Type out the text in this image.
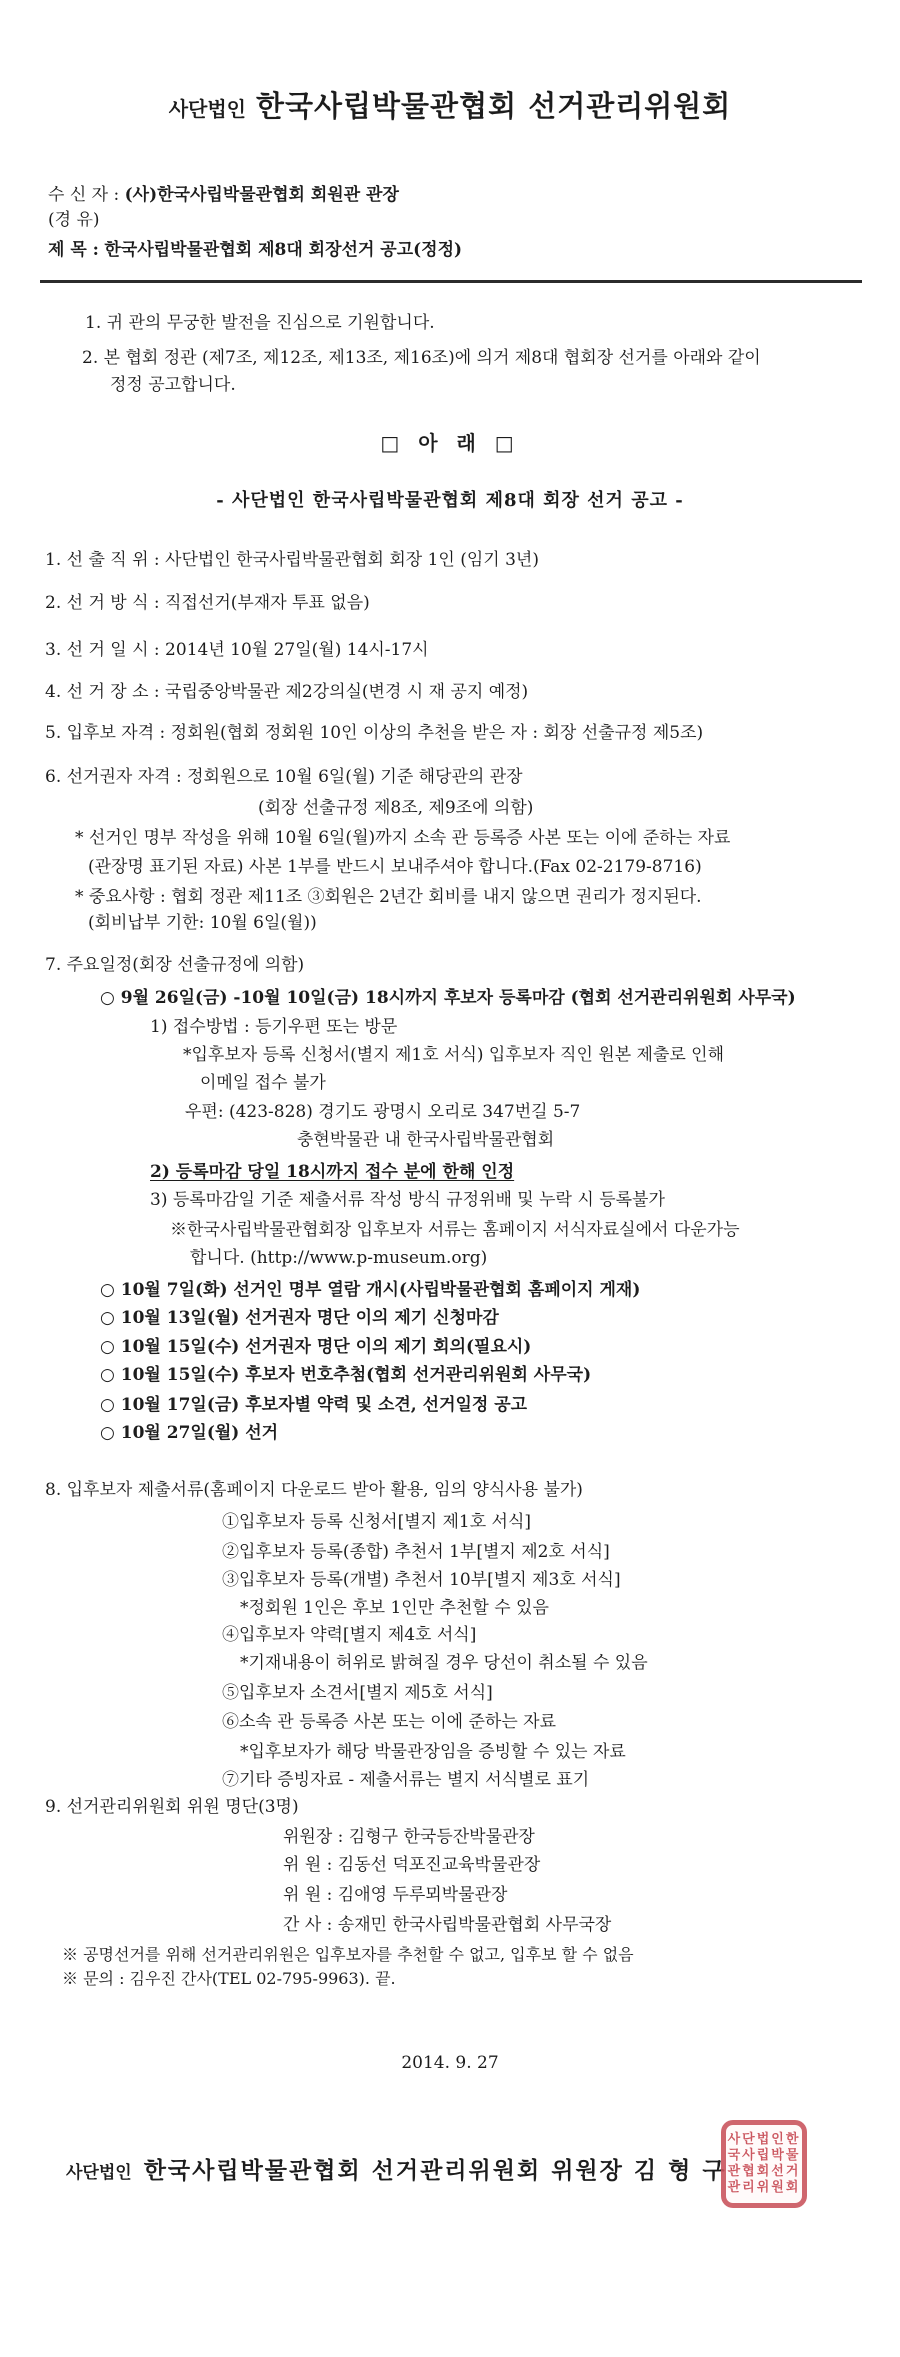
사단법인 한국사립박물관협회 선거관리위원회
수 신 자 : (사)한국사립박물관협회 회원관 관장
(경 유)
제 목 : 한국사립박물관협회 제8대 회장선거 공고(정정)
1. 귀 관의 무궁한 발전을 진심으로 기원합니다.
2. 본 협회 정관 (제7조, 제12조, 제13조, 제16조)에 의거 제8대 협회장 선거를 아래와 같이
정정 공고합니다.
□ 아 래 □
- 사단법인 한국사립박물관협회 제8대 회장 선거 공고 -
1. 선 출 직 위 : 사단법인 한국사립박물관협회 회장 1인 (임기 3년)
2. 선 거 방 식 : 직접선거(부재자 투표 없음)
3. 선 거 일 시 : 2014년 10월 27일(월) 14시-17시
4. 선 거 장 소 : 국립중앙박물관 제2강의실(변경 시 재 공지 예정)
5. 입후보 자격 : 정회원(협회 정회원 10인 이상의 추천을 받은 자 : 회장 선출규정 제5조)
6. 선거권자 자격 : 정회원으로 10월 6일(월) 기준 해당관의 관장
(회장 선출규정 제8조, 제9조에 의함)
* 선거인 명부 작성을 위해 10월 6일(월)까지 소속 관 등록증 사본 또는 이에 준하는 자료
(관장명 표기된 자료) 사본 1부를 반드시 보내주셔야 합니다.(Fax 02-2179-8716)
* 중요사항 : 협회 정관 제11조 ③회원은 2년간 회비를 내지 않으면 권리가 정지된다.
(회비납부 기한: 10월 6일(월))
7. 주요일정(회장 선출규정에 의함)
○ 9월 26일(금) -10월 10일(금) 18시까지 후보자 등록마감 (협회 선거관리위원회 사무국)
1) 접수방법 : 등기우편 또는 방문
*입후보자 등록 신청서(별지 제1호 서식) 입후보자 직인 원본 제출로 인해
이메일 접수 불가
우편: (423-828) 경기도 광명시 오리로 347번길 5-7
충현박물관 내 한국사립박물관협회
2) 등록마감 당일 18시까지 접수 분에 한해 인정
3) 등록마감일 기준 제출서류 작성 방식 규정위배 및 누락 시 등록불가
※한국사립박물관협회장 입후보자 서류는 홈페이지 서식자료실에서 다운가능
합니다. (http://www.p-museum.org)
○ 10월 7일(화) 선거인 명부 열람 개시(사립박물관협회 홈페이지 게재)
○ 10월 13일(월) 선거권자 명단 이의 제기 신청마감
○ 10월 15일(수) 선거권자 명단 이의 제기 회의(필요시)
○ 10월 15일(수) 후보자 번호추첨(협회 선거관리위원회 사무국)
○ 10월 17일(금) 후보자별 약력 및 소견, 선거일정 공고
○ 10월 27일(월) 선거
8. 입후보자 제출서류(홈페이지 다운로드 받아 활용, 임의 양식사용 불가)
①입후보자 등록 신청서[별지 제1호 서식]
②입후보자 등록(종합) 추천서 1부[별지 제2호 서식]
③입후보자 등록(개별) 추천서 10부[별지 제3호 서식]
*정회원 1인은 후보 1인만 추천할 수 있음
④입후보자 약력[별지 제4호 서식]
*기재내용이 허위로 밝혀질 경우 당선이 취소될 수 있음
⑤입후보자 소견서[별지 제5호 서식]
⑥소속 관 등록증 사본 또는 이에 준하는 자료
*입후보자가 해당 박물관장임을 증빙할 수 있는 자료
⑦기타 증빙자료 - 제출서류는 별지 서식별로 표기
9. 선거관리위원회 위원 명단(3명)
위원장 : 김형구 한국등잔박물관장
위 원 : 김동선 덕포진교육박물관장
위 원 : 김애영 두루뫼박물관장
간 사 : 송재민 한국사립박물관협회 사무국장
※ 공명선거를 위해 선거관리위원은 입후보자를 추천할 수 없고, 입후보 할 수 없음
※ 문의 : 김우진 간사(TEL 02-795-9963). 끝.
2014. 9. 27
사단법인 한국사립박물관협회 선거관리위원회 위원장 김 형 구
사단법인한
국사립박물
관협회선거
관리위원회
